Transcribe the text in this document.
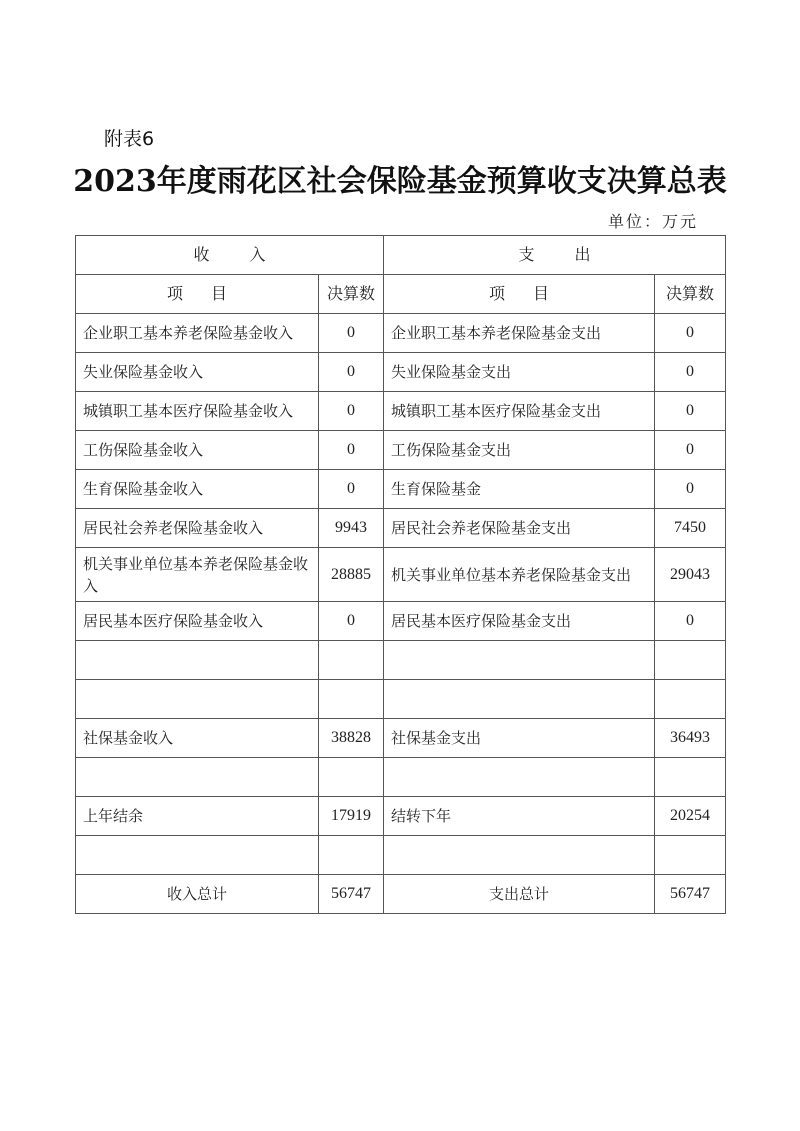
附表6
2023年度雨花区社会保险基金预算收支决算总表
单位：万元
收入		支出	
项目	决算数	项目	决算数
企业职工基本养老保险基金收入	0	企业职工基本养老保险基金支出	0
失业保险基金收入	0	失业保险基金支出	0
城镇职工基本医疗保险基金收入	0	城镇职工基本医疗保险基金支出	0
工伤保险基金收入	0	工伤保险基金支出	0
生育保险基金收入	0	生育保险基金	0
居民社会养老保险基金收入	9943	居民社会养老保险基金支出	7450
机关事业单位基本养老保险基金收入	28885	机关事业单位基本养老保险基金支出	29043
居民基本医疗保险基金收入	0	居民基本医疗保险基金支出	0

社保基金收入	38828	社保基金支出	36493

上年结余	17919	结转下年	20254

收入总计	56747	支出总计	56747
